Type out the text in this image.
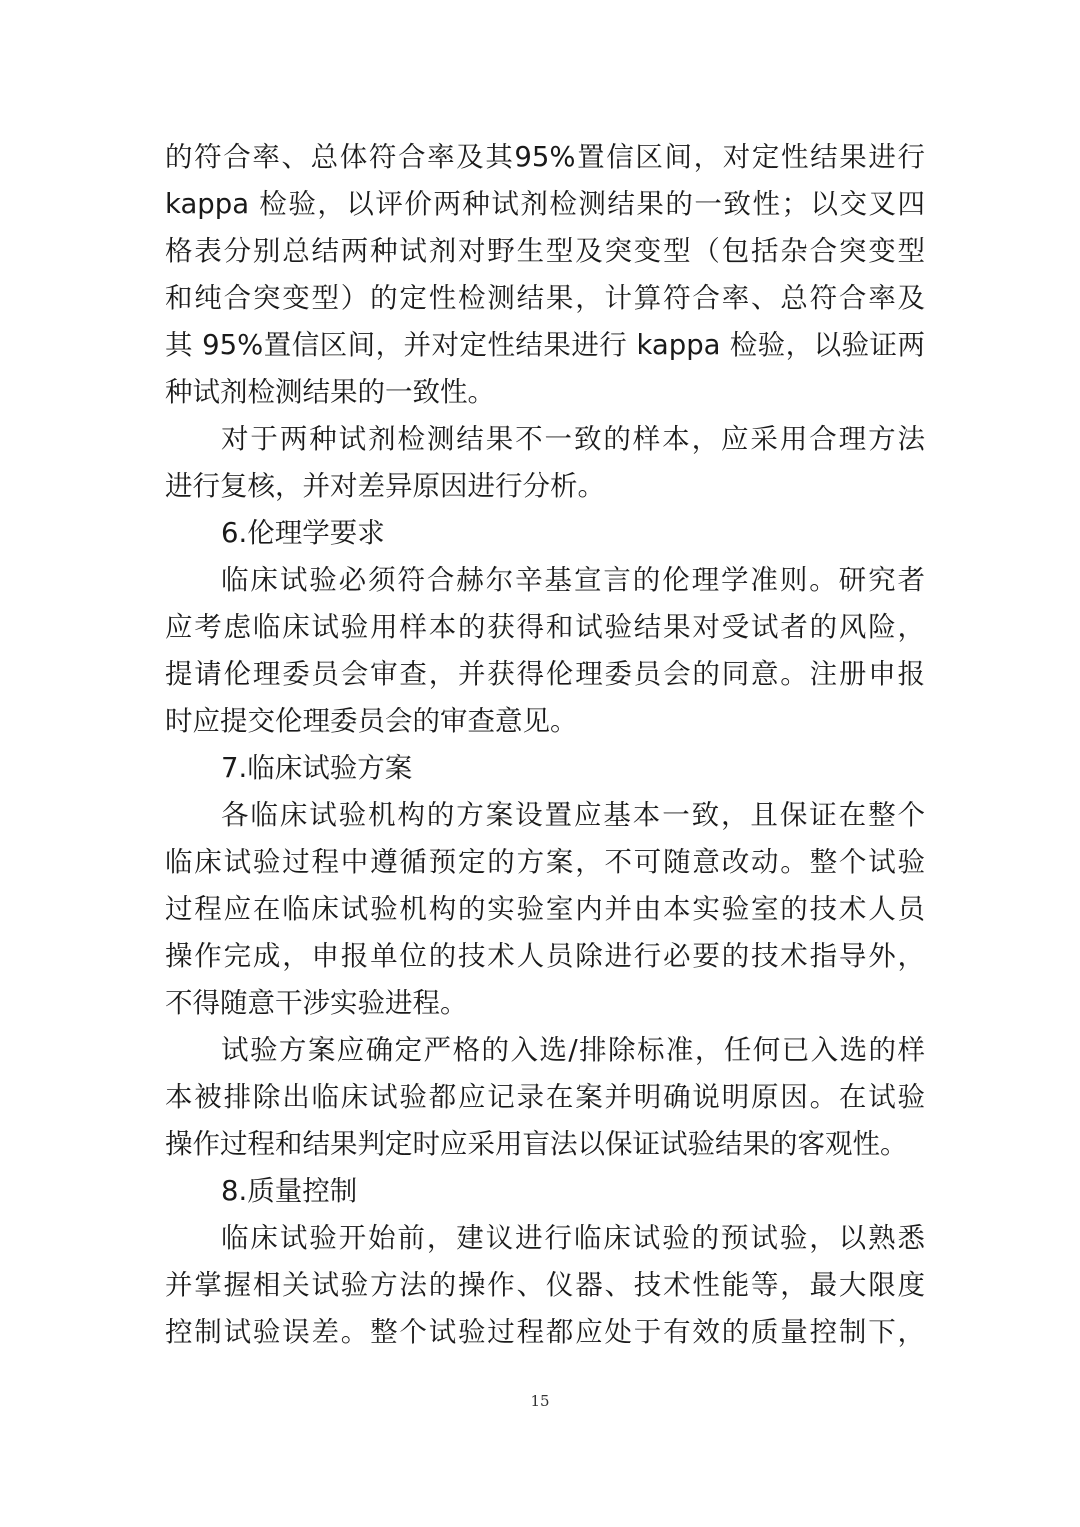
的符合率、总体符合率及其95%置信区间，对定性结果进行
kappa 检验，以评价两种试剂检测结果的一致性；以交叉四
格表分别总结两种试剂对野生型及突变型（包括杂合突变型
和纯合突变型）的定性检测结果，计算符合率、总符合率及
其 95%置信区间，并对定性结果进行 kappa 检验，以验证两
种试剂检测结果的一致性。
对于两种试剂检测结果不一致的样本，应采用合理方法
进行复核，并对差异原因进行分析。
6.伦理学要求
临床试验必须符合赫尔辛基宣言的伦理学准则。研究者
应考虑临床试验用样本的获得和试验结果对受试者的风险，
提请伦理委员会审查，并获得伦理委员会的同意。注册申报
时应提交伦理委员会的审查意见。
7.临床试验方案
各临床试验机构的方案设置应基本一致，且保证在整个
临床试验过程中遵循预定的方案，不可随意改动。整个试验
过程应在临床试验机构的实验室内并由本实验室的技术人员
操作完成，申报单位的技术人员除进行必要的技术指导外，
不得随意干涉实验进程。
试验方案应确定严格的入选/排除标准，任何已入选的样
本被排除出临床试验都应记录在案并明确说明原因。在试验
操作过程和结果判定时应采用盲法以保证试验结果的客观性。
8.质量控制
临床试验开始前，建议进行临床试验的预试验，以熟悉
并掌握相关试验方法的操作、仪器、技术性能等，最大限度
控制试验误差。整个试验过程都应处于有效的质量控制下，
15
